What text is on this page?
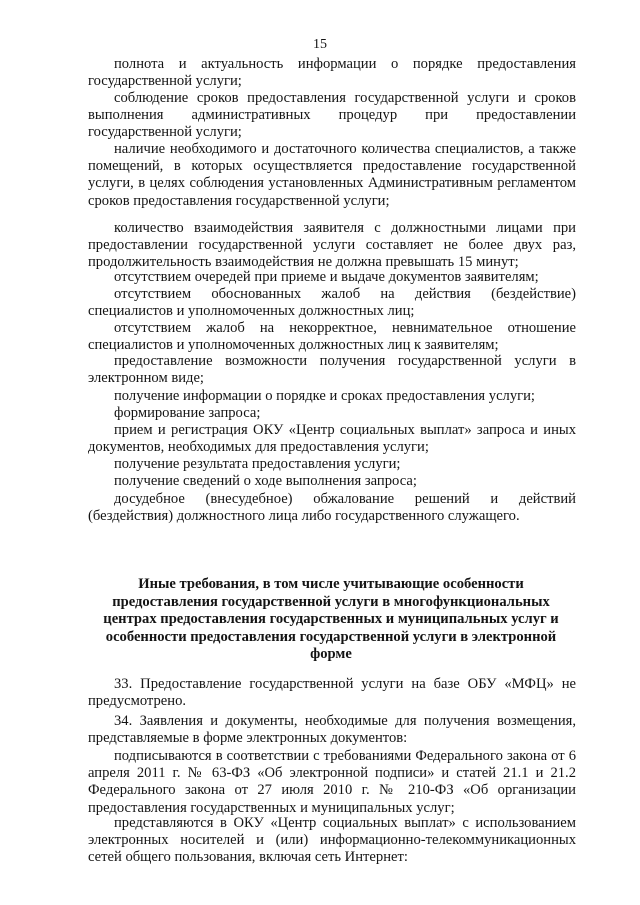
15

полнота и актуальность информации о порядке предоставления государственной услуги;

соблюдение сроков предоставления государственной услуги и сроков выполнения административных процедур при предоставлении государственной услуги;

наличие необходимого и достаточного количества специалистов, а также помещений, в которых осуществляется предоставление государственной услуги, в целях соблюдения установленных Административным регламентом сроков предоставления государственной услуги;

количество взаимодействия заявителя с должностными лицами при предоставлении государственной услуги составляет не более двух раз, продолжительность взаимодействия не должна превышать 15 минут;

отсутствием очередей при приеме и выдаче документов заявителям;

отсутствием обоснованных жалоб на действия (бездействие) специалистов и уполномоченных должностных лиц;

отсутствием жалоб на некорректное, невнимательное отношение специалистов и уполномоченных должностных лиц к заявителям;

предоставление возможности получения государственной услуги в электронном виде;

получение информации о порядке и сроках предоставления услуги;

формирование запроса;

прием и регистрация ОКУ «Центр социальных выплат» запроса и иных документов, необходимых для предоставления услуги;

получение результата предоставления услуги;

получение сведений о ходе выполнения запроса;

досудебное (внесудебное) обжалование решений и действий (бездействия) должностного лица либо государственного служащего.

Иные требования, в том числе учитывающие особенности предоставления государственной услуги в многофункциональных центрах предоставления государственных и муниципальных услуг и особенности предоставления государственной услуги в электронной форме

33. Предоставление государственной услуги на базе ОБУ «МФЦ» не предусмотрено.

34. Заявления и документы, необходимые для получения возмещения, представляемые в форме электронных документов:

подписываются в соответствии с требованиями Федерального закона от 6 апреля 2011 г. № 63-ФЗ «Об электронной подписи» и статей 21.1 и 21.2 Федерального закона от 27 июля 2010 г. № 210-ФЗ «Об организации предоставления государственных и муниципальных услуг;

представляются в ОКУ «Центр социальных выплат» с использованием электронных носителей и (или) информационно-телекоммуникационных сетей общего пользования, включая сеть Интернет:
